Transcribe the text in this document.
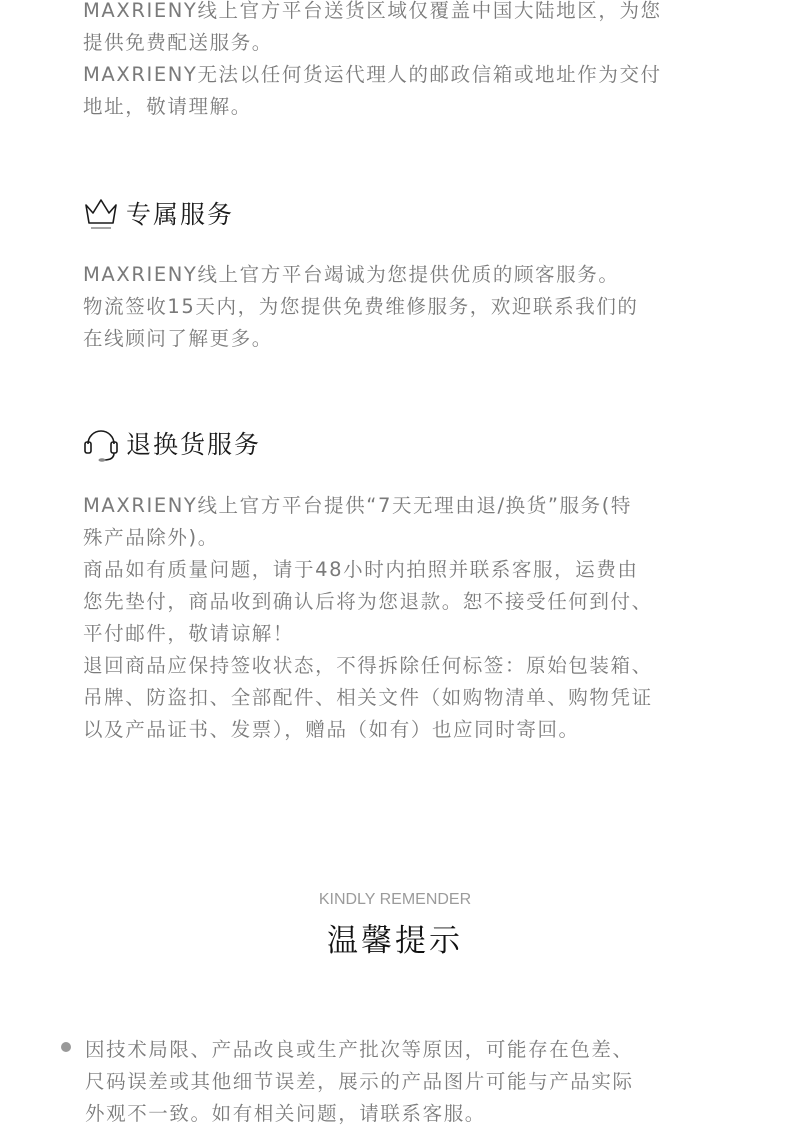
MAXRIENY线上官方平台送货区域仅覆盖中国大陆地区，为您
提供免费配送服务。
MAXRIENY无法以任何货运代理人的邮政信箱或地址作为交付
地址，敬请理解。

专属服务

MAXRIENY线上官方平台竭诚为您提供优质的顾客服务。
物流签收15天内，为您提供免费维修服务，欢迎联系我们的
在线顾问了解更多。

退换货服务

MAXRIENY线上官方平台提供“7天无理由退/换货”服务(特
殊产品除外)。
商品如有质量问题，请于48小时内拍照并联系客服，运费由
您先垫付，商品收到确认后将为您退款。恕不接受任何到付、
平付邮件，敬请谅解！
退回商品应保持签收状态，不得拆除任何标签：原始包装箱、
吊牌、防盗扣、全部配件、相关文件（如购物清单、购物凭证
以及产品证书、发票），赠品（如有）也应同时寄回。

KINDLY REMENDER
温馨提示

因技术局限、产品改良或生产批次等原因，可能存在色差、
尺码误差或其他细节误差，展示的产品图片可能与产品实际
外观不一致。如有相关问题，请联系客服。
